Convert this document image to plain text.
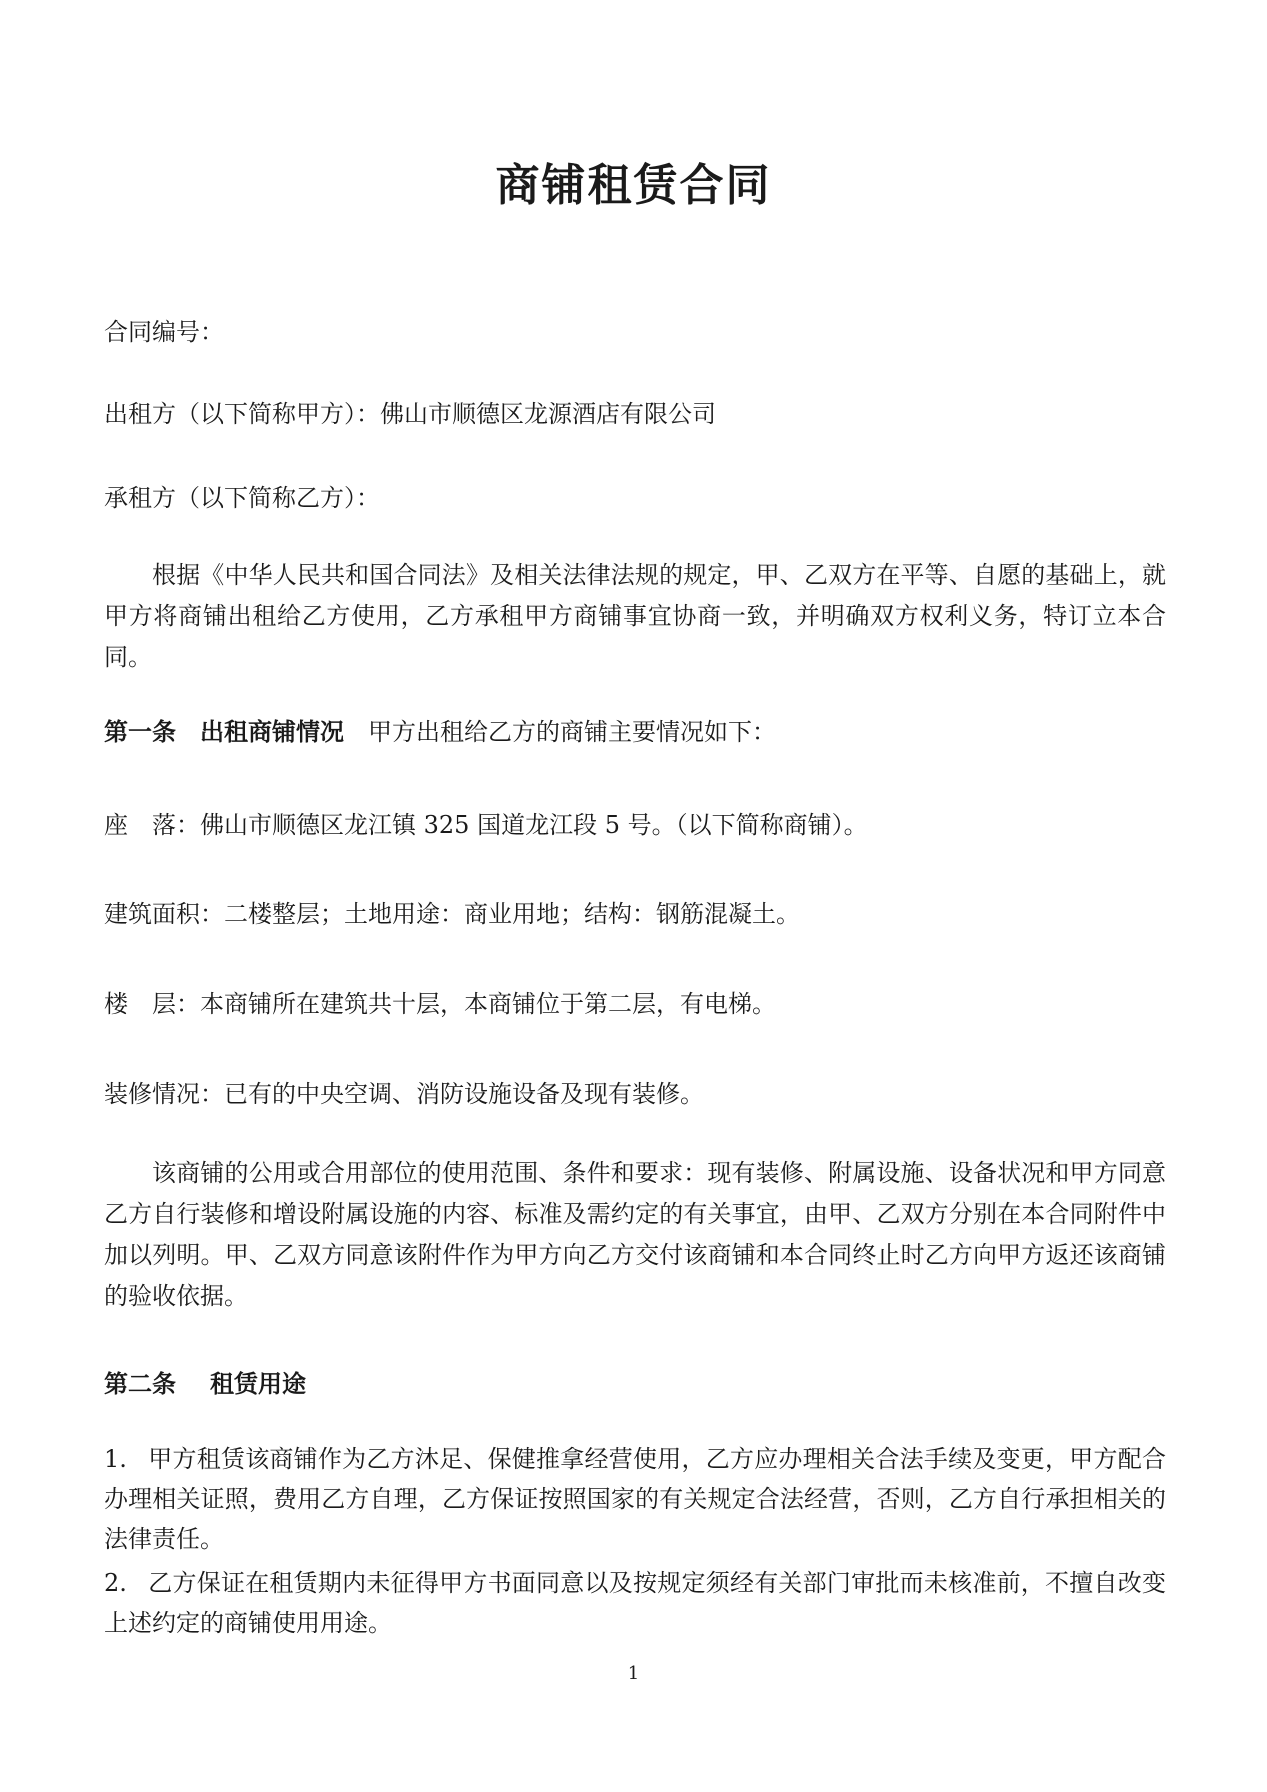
商铺租赁合同
合同编号：
出租方（以下简称甲方）：佛山市顺德区龙源酒店有限公司
承租方（以下简称乙方）：
根据《中华人民共和国合同法》及相关法律法规的规定，甲、乙双方在平等、自愿的基础上，就甲方将商铺出租给乙方使用，乙方承租甲方商铺事宜协商一致，并明确双方权利义务，特订立本合同。
第一条 出租商铺情况 甲方出租给乙方的商铺主要情况如下：
座　落：佛山市顺德区龙江镇 325 国道龙江段 5 号。（以下简称商铺）。
建筑面积：二楼整层；土地用途：商业用地；结构：钢筋混凝土。
楼　层：本商铺所在建筑共十层，本商铺位于第二层，有电梯。
装修情况：已有的中央空调、消防设施设备及现有装修。
该商铺的公用或合用部位的使用范围、条件和要求：现有装修、附属设施、设备状况和甲方同意乙方自行装修和增设附属设施的内容、标准及需约定的有关事宜，由甲、乙双方分别在本合同附件中加以列明。甲、乙双方同意该附件作为甲方向乙方交付该商铺和本合同终止时乙方向甲方返还该商铺的验收依据。
第二条 租赁用途
1. 甲方租赁该商铺作为乙方沐足、保健推拿经营使用，乙方应办理相关合法手续及变更，甲方配合办理相关证照，费用乙方自理，乙方保证按照国家的有关规定合法经营，否则，乙方自行承担相关的法律责任。
2. 乙方保证在租赁期内未征得甲方书面同意以及按规定须经有关部门审批而未核准前，不擅自改变上述约定的商铺使用用途。
1
